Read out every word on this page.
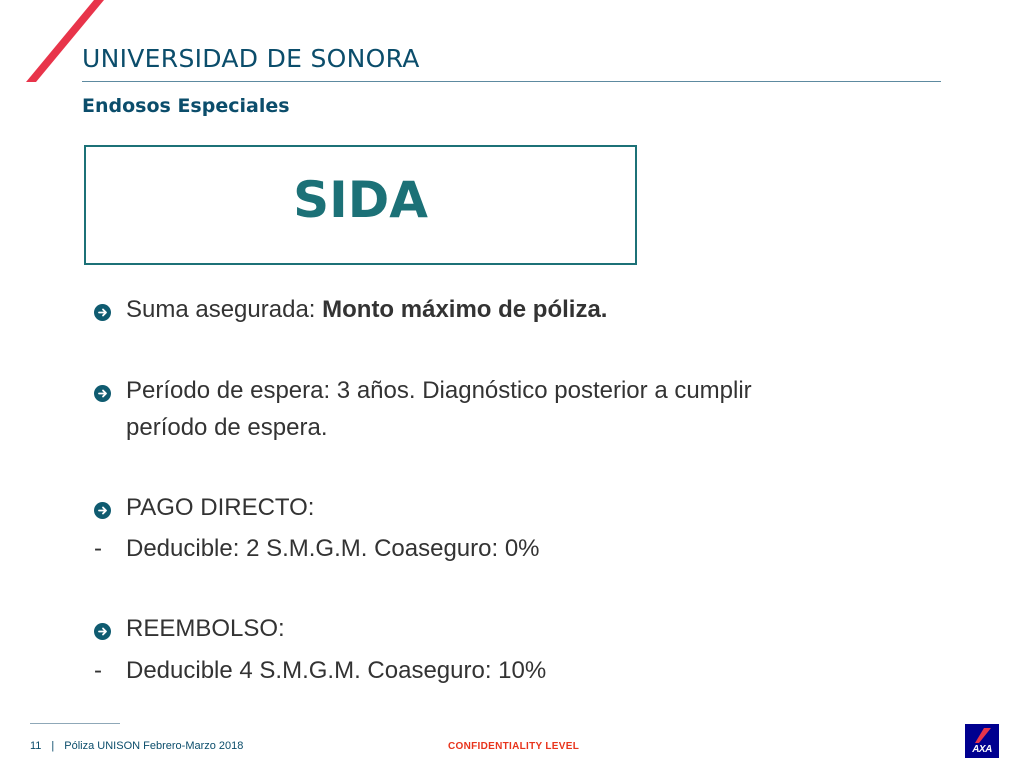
UNIVERSIDAD DE SONORA
Endosos Especiales
SIDA
Suma asegurada: Monto máximo de póliza.
Período de espera: 3 años. Diagnóstico posterior a cumplir
período de espera.
PAGO DIRECTO:
- Deducible: 2 S.M.G.M. Coaseguro: 0%
REEMBOLSO:
- Deducible 4 S.M.G.M. Coaseguro: 10%
11 | Póliza UNISON Febrero-Marzo 2018	CONFIDENTIALITY LEVEL	AXA
